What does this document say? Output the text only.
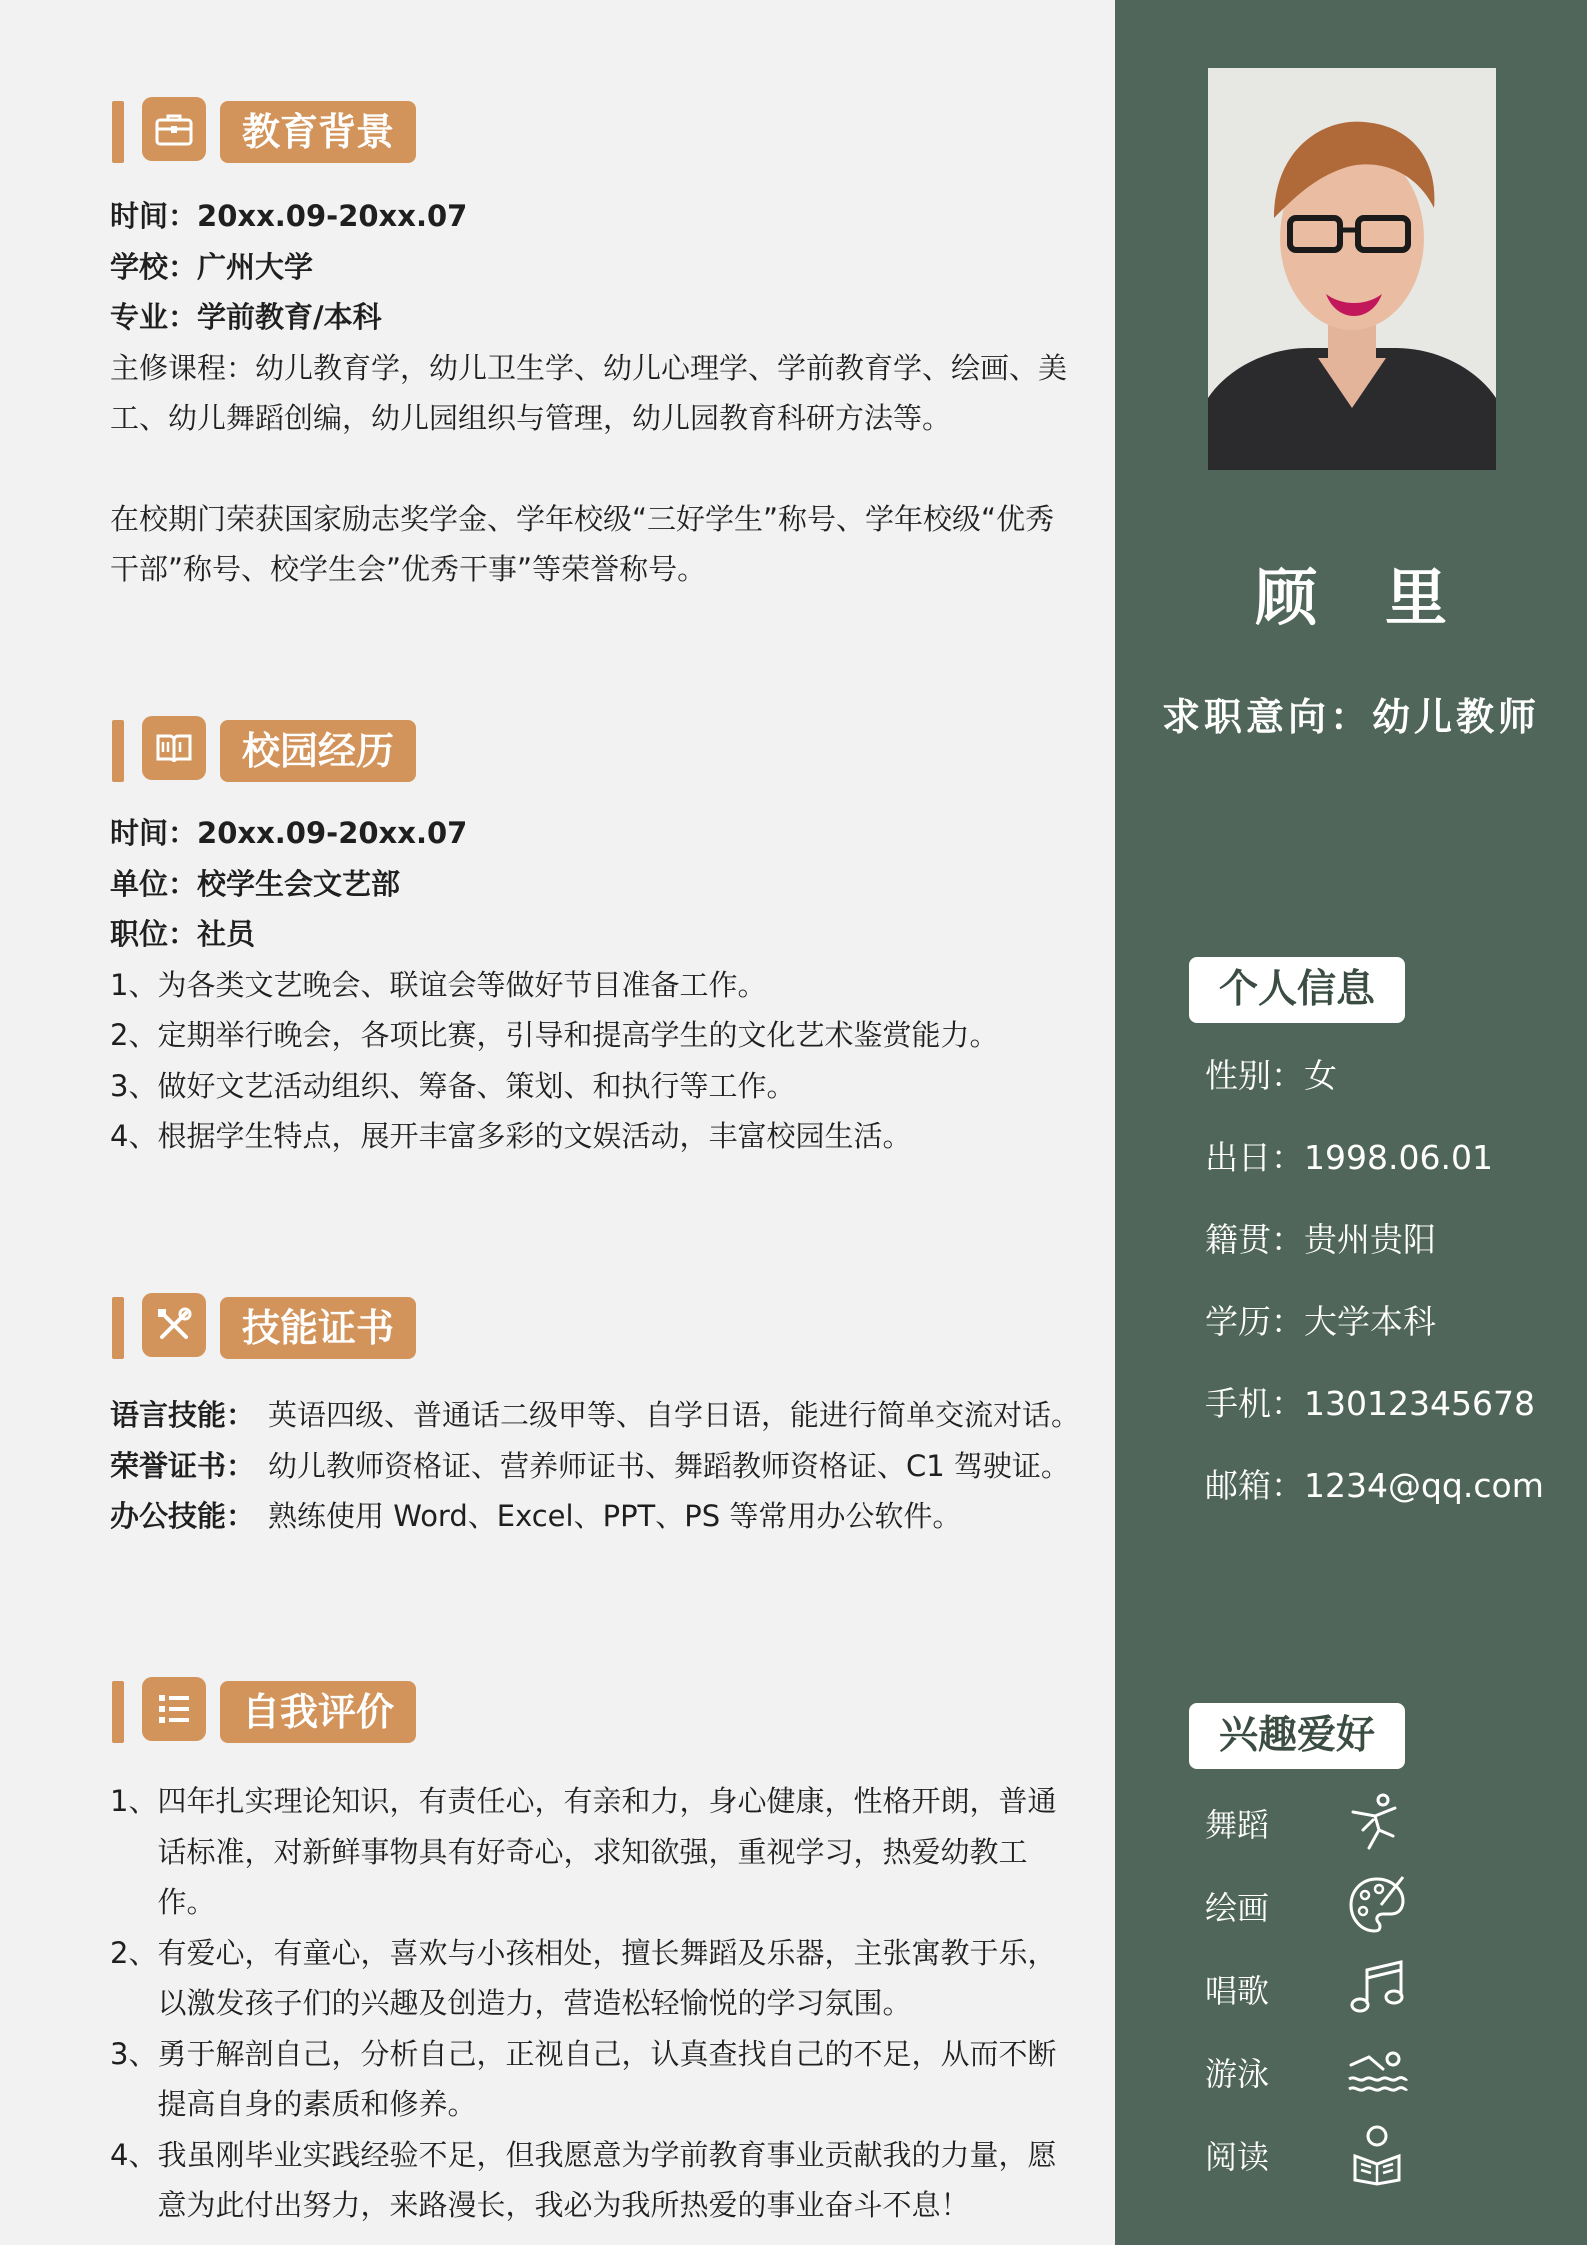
教育背景
时间：20xx.09-20xx.07
学校：广州大学
专业：学前教育/本科
主修课程：幼儿教育学，幼儿卫生学、幼儿心理学、学前教育学、绘画、美工、幼儿舞蹈创编，幼儿园组织与管理，幼儿园教育科研方法等。
在校期门荣获国家励志奖学金、学年校级“三好学生”称号、学年校级“优秀干部”称号、校学生会”优秀干事”等荣誉称号。
校园经历
时间：20xx.09-20xx.07
单位：校学生会文艺部
职位：社员
1、为各类文艺晚会、联谊会等做好节目准备工作。
2、定期举行晚会，各项比赛，引导和提高学生的文化艺术鉴赏能力。
3、做好文艺活动组织、筹备、策划、和执行等工作。
4、根据学生特点，展开丰富多彩的文娱活动，丰富校园生活。
技能证书
语言技能： 英语四级、普通话二级甲等、自学日语，能进行简单交流对话。
荣誉证书： 幼儿教师资格证、营养师证书、舞蹈教师资格证、C1 驾驶证。
办公技能： 熟练使用 Word、Excel、PPT、PS 等常用办公软件。
自我评价
1、 四年扎实理论知识，有责任心，有亲和力，身心健康，性格开朗，普通话标准，对新鲜事物具有好奇心，求知欲强，重视学习，热爱幼教工作。
2、 有爱心，有童心，喜欢与小孩相处，擅长舞蹈及乐器，主张寓教于乐，以激发孩子们的兴趣及创造力，营造松轻愉悦的学习氛围。
3、 勇于解剖自己，分析自己，正视自己，认真查找自己的不足，从而不断提高自身的素质和修养。
4、 我虽刚毕业实践经验不足，但我愿意为学前教育事业贡献我的力量，愿意为此付出努力，来路漫长，我必为我所热爱的事业奋斗不息！
顾里
求职意向：幼儿教师
个人信息
性别：女
出日：1998.06.01
籍贯：贵州贵阳
学历：大学本科
手机：13012345678
邮箱：1234@qq.com
兴趣爱好
舞蹈
绘画
唱歌
游泳
阅读
